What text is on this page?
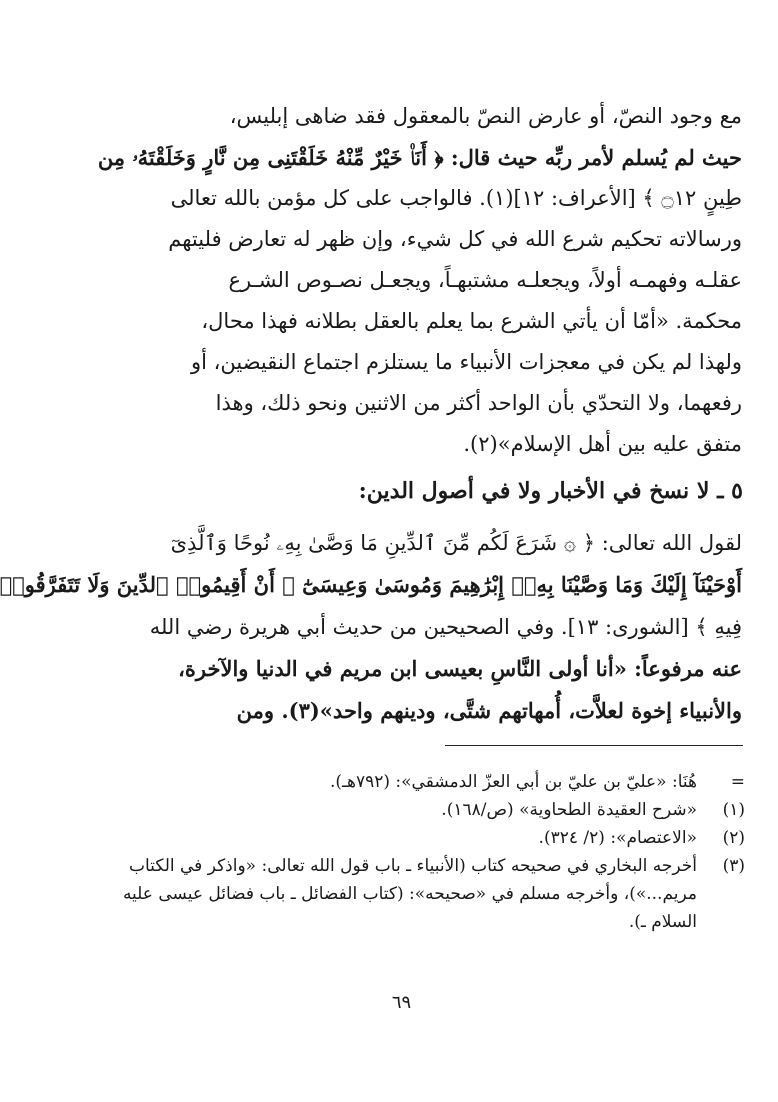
مع وجود النصّ، أو عارض النصّ بالمعقول فقد ضاهى إبليس،
حيث لم يُسلم لأمر ربِّه حيث قال: ﴿ أَنَا۠ خَيْرٌ مِّنْهُ خَلَقْتَنِى مِن نَّارٍ وَخَلَقْتَهُۥ مِن
طِينٍ ۝١٢ ﴾ [الأعراف: ١٢](١). فالواجب على كل مؤمن بالله تعالى
ورسالاته تحكيم شرع الله في كل شيء، وإن ظهر له تعارض فليتهم
عقلـه وفهمـه أولاً، ويجعلـه مشتبهـاً، ويجعـل نصـوص الشـرع
محكمة. «أمّا أن يأتي الشرع بما يعلم بالعقل بطلانه فهذا محال،
ولهذا لم يكن في معجزات الأنبياء ما يستلزم اجتماع النقيضين، أو
رفعهما، ولا التحدّي بأن الواحد أكثر من الاثنين ونحو ذلك، وهذا
متفق عليه بين أهل الإسلام»(٢).
٥ ـ لا نسخ في الأخبار ولا في أصول الدين:
لقول الله تعالى: ﴿ ۞ شَرَعَ لَكُم مِّنَ ٱلدِّينِ مَا وَصَّىٰ بِهِۦ نُوحًا وَٱلَّذِىٓ
أَوْحَيْنَآ إِلَيْكَ وَمَا وَصَّيْنَا بِهِۦٓ إِبْرَٰهِيمَ وَمُوسَىٰ وَعِيسَىٰٓ ۖ أَنْ أَقِيمُوا۟ ٱلدِّينَ وَلَا تَتَفَرَّقُوا۟
فِيهِ ﴾ [الشورى: ١٣]. وفي الصحيحين من حديث أبي هريرة رضي الله
عنه مرفوعاً: «أنا أولى النَّاسِ بعيسى ابن مريم في الدنيا والآخرة،
والأنبياء إخوة لعلاَّت، أُمهاتهم شتَّى، ودينهم واحد»(٣). ومن
=
هُنَا: «عليّ بن عليّ بن أبي العزّ الدمشقي»: (٧٩٢هـ).
(١)
«شرح العقيدة الطحاوية» (ص/١٦٨).
(٢)
«الاعتصام»: (٢/ ٣٢٤).
(٣)
أخرجه البخاري في صحيحه كتاب (الأنبياء ـ باب قول الله تعالى: «واذكر في الكتاب مريم...»)، وأخرجه مسلم في «صحيحه»: (كتاب الفضائل ـ باب فضائل عيسى عليه السلام ـ).
٦٩
